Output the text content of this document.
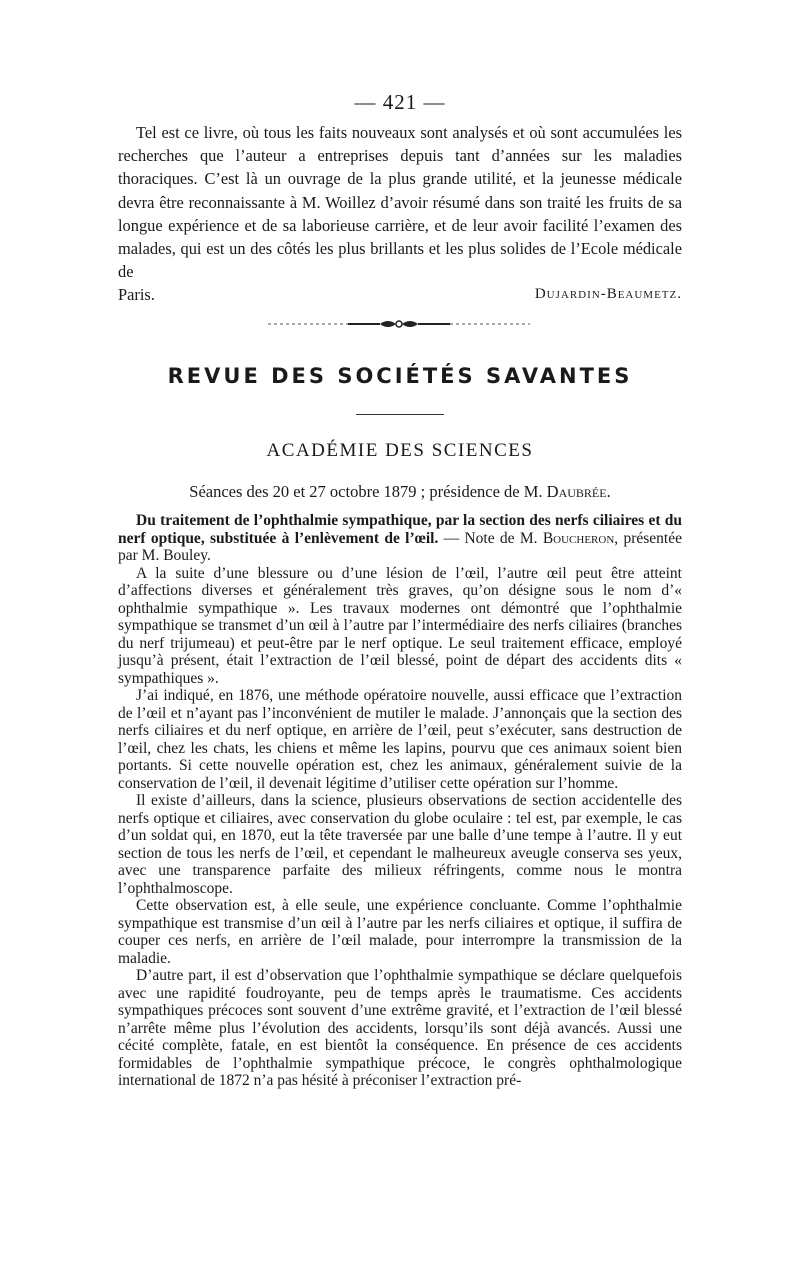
— 421 —
Tel est ce livre, où tous les faits nouveaux sont analysés et où sont accumulées les recherches que l’auteur a entreprises depuis tant d’années sur les maladies thoraciques. C’est là un ouvrage de la plus grande utilité, et la jeunesse médicale devra être reconnaissante à M. Woillez d’avoir résumé dans son traité les fruits de sa longue expérience et de sa laborieuse carrière, et de leur avoir facilité l’examen des malades, qui est un des côtés les plus brillants et les plus solides de l’Ecole médicale de
Paris.	Dujardin-Beaumetz.
REVUE DES SOCIÉTÉS SAVANTES
ACADÉMIE DES SCIENCES
Séances des 20 et 27 octobre 1879 ; présidence de M. Daubrée.

Du traitement de l’ophthalmie sympathique, par la section des nerfs ciliaires et du nerf optique, substituée à l’enlèvement de l’œil. — Note de M. Boucheron, présentée par M. Bouley.

A la suite d’une blessure ou d’une lésion de l’œil, l’autre œil peut être atteint d’affections diverses et généralement très graves, qu’on désigne sous le nom d’« ophthalmie sympathique ». Les travaux modernes ont démontré que l’ophthalmie sympathique se transmet d’un œil à l’autre par l’intermédiaire des nerfs ciliaires (branches du nerf trijumeau) et peut-être par le nerf optique. Le seul traitement efficace, employé jusqu’à présent, était l’extraction de l’œil blessé, point de départ des accidents dits « sympathiques ».

J’ai indiqué, en 1876, une méthode opératoire nouvelle, aussi efficace que l’extraction de l’œil et n’ayant pas l’inconvénient de mutiler le malade. J’annonçais que la section des nerfs ciliaires et du nerf optique, en arrière de l’œil, peut s’exécuter, sans destruction de l’œil, chez les chats, les chiens et même les lapins, pourvu que ces animaux soient bien portants. Si cette nouvelle opération est, chez les animaux, généralement suivie de la conservation de l’œil, il devenait légitime d’utiliser cette opération sur l’homme.

Il existe d’ailleurs, dans la science, plusieurs observations de section accidentelle des nerfs optique et ciliaires, avec conservation du globe oculaire : tel est, par exemple, le cas d’un soldat qui, en 1870, eut la tête traversée par une balle d’une tempe à l’autre. Il y eut section de tous les nerfs de l’œil, et cependant le malheureux aveugle conserva ses yeux, avec une transparence parfaite des milieux réfringents, comme nous le montra l’ophthalmoscope.

Cette observation est, à elle seule, une expérience concluante. Comme l’ophthalmie sympathique est transmise d’un œil à l’autre par les nerfs ciliaires et optique, il suffira de couper ces nerfs, en arrière de l’œil malade, pour interrompre la transmission de la maladie.

D’autre part, il est d’observation que l’ophthalmie sympathique se déclare quelquefois avec une rapidité foudroyante, peu de temps après le traumatisme. Ces accidents sympathiques précoces sont souvent d’une extrême gravité, et l’extraction de l’œil blessé n’arrête même plus l’évolution des accidents, lorsqu’ils sont déjà avancés. Aussi une cécité complète, fatale, en est bientôt la conséquence. En présence de ces accidents formidables de l’ophthalmie sympathique précoce, le congrès ophthalmologique international de 1872 n’a pas hésité à préconiser l’extraction pré-
